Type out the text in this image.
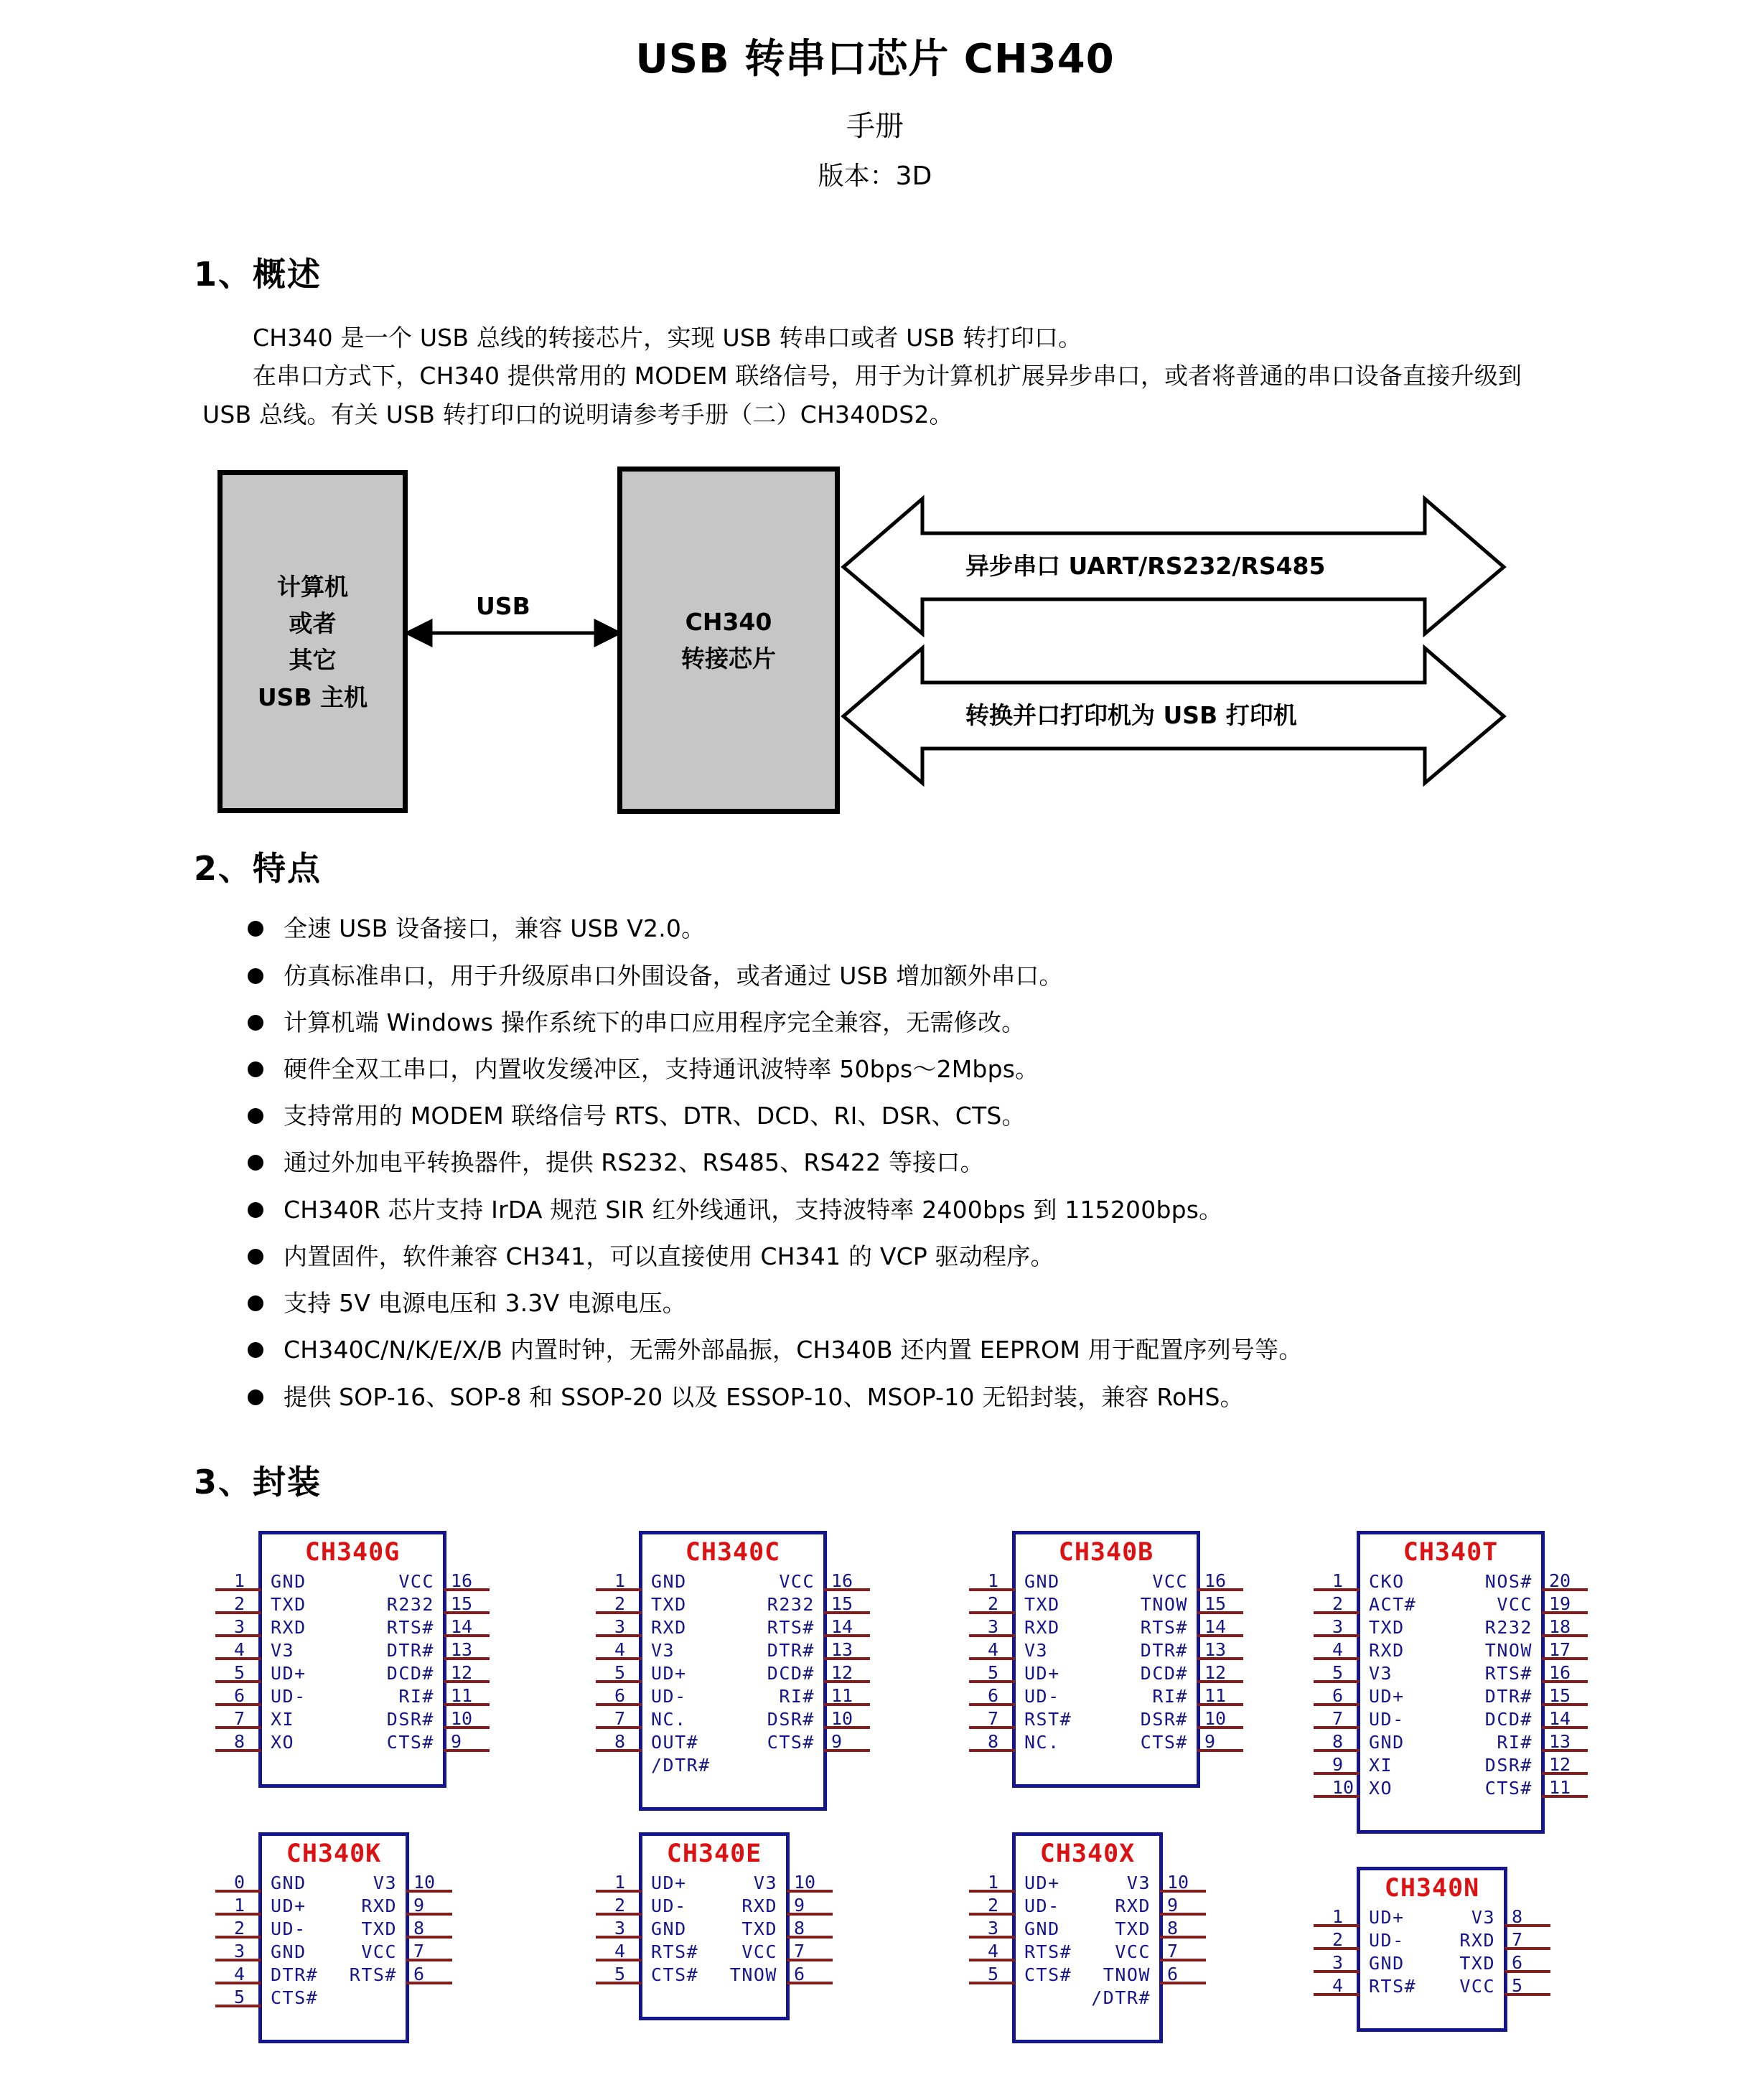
USB 转串口芯片 CH340
手册
版本：3D
1、概述

CH340 是一个 USB 总线的转接芯片，实现 USB 转串口或者 USB 转打印口。

在串口方式下，CH340 提供常用的 MODEM 联络信号，用于为计算机扩展异步串口，或者将普通的串口设备直接升级到 USB 总线。有关 USB 转打印口的说明请参考手册（二）CH340DS2。

计算机
或者
其它
USB 主机
CH340
转接芯片
USB
异步串口 UART/RS232/RS485
转换并口打印机为 USB 打印机
2、特点
全速 USB 设备接口，兼容 USB V2.0。
仿真标准串口，用于升级原串口外围设备，或者通过 USB 增加额外串口。
计算机端 Windows 操作系统下的串口应用程序完全兼容，无需修改。
硬件全双工串口，内置收发缓冲区，支持通讯波特率 50bps～2Mbps。
支持常用的 MODEM 联络信号 RTS、DTR、DCD、RI、DSR、CTS。
通过外加电平转换器件，提供 RS232、RS485、RS422 等接口。
CH340R 芯片支持 IrDA 规范 SIR 红外线通讯，支持波特率 2400bps 到 115200bps。
内置固件，软件兼容 CH341，可以直接使用 CH341 的 VCP 驱动程序。
支持 5V 电源电压和 3.3V 电源电压。
CH340C/N/K/E/X/B 内置时钟，无需外部晶振，CH340B 还内置 EEPROM 用于配置序列号等。
提供 SOP-16、SOP-8 和 SSOP-20 以及 ESSOP-10、MSOP-10 无铅封装，兼容 RoHS。
3、封装
CH340G
GND
1
TXD
2
RXD
3
V3
4
UD+
5
UD-
6
XI
7
XO
8
VCC 16
R232 15
RTS# 14
DTR# 13
DCD# 12
RI# 11
DSR# 10
CTS# 9
CH340C
GND
1
TXD
2
RXD
3
V3
4
UD+
5
UD-
6
NC.
7
OUT#
8
/DTR#
VCC 16
R232 15
RTS# 14
DTR# 13
DCD# 12
RI# 11
DSR# 10
CTS# 9
CH340B
GND
1
TXD
2
RXD
3
V3
4
UD+
5
UD-
6
RST#
7
NC.
8
VCC 16
TNOW 15
RTS# 14
DTR# 13
DCD# 12
RI# 11
DSR# 10
CTS# 9
CH340T
CKO
1
ACT#
2
TXD
3
RXD
4
V3
5
UD+
6
UD-
7
GND
8
XI
9
XO
10
NOS# 20
VCC 19
R232 18
TNOW 17
RTS# 16
DTR# 15
DCD# 14
RI# 13
DSR# 12
CTS# 11
CH340K
GND
0
UD+
1
UD-
2
GND
3
DTR#
4
CTS#
5
V3 10
RXD 9
TXD 8
VCC 7
RTS# 6
CH340E
UD+
1
UD-
2
GND
3
RTS#
4
CTS#
5
V3 10
RXD 9
TXD 8
VCC 7
TNOW 6
CH340X
UD+
1
UD-
2
GND
3
RTS#
4
CTS#
5
V3 10
RXD 9
TXD 8
VCC 7
TNOW 6
/DTR#
CH340N
UD+
1
UD-
2
GND
3
RTS#
4
V3 8
RXD 7
TXD 6
VCC 5
